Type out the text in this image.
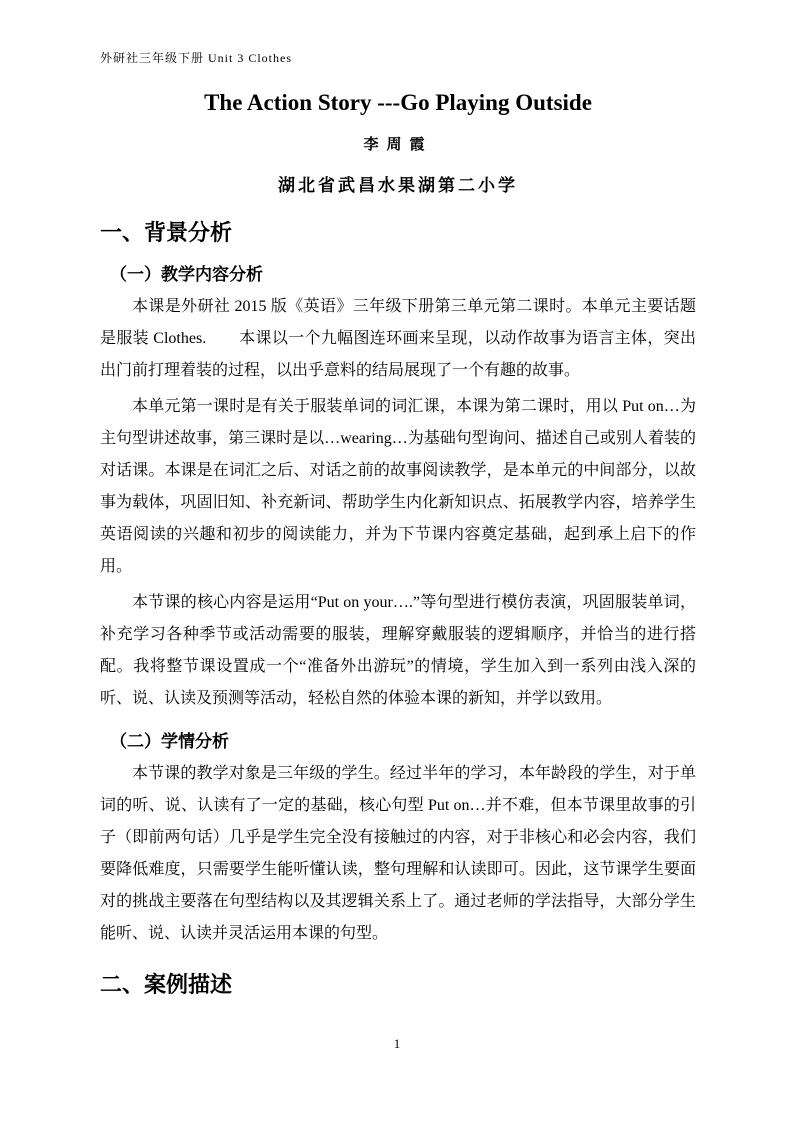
外研社三年级下册 Unit 3 Clothes
The Action Story ---Go Playing Outside
李周霞
湖北省武昌水果湖第二小学
一、背景分析
（一）教学内容分析
本课是外研社 2015 版《英语》三年级下册第三单元第二课时。本单元主要话题是服装 Clothes.　　本课以一个九幅图连环画来呈现，以动作故事为语言主体，突出出门前打理着装的过程，以出乎意料的结局展现了一个有趣的故事。
本单元第一课时是有关于服装单词的词汇课，本课为第二课时，用以 Put on…为主句型讲述故事，第三课时是以…wearing…为基础句型询问、描述自己或别人着装的对话课。本课是在词汇之后、对话之前的故事阅读教学，是本单元的中间部分，以故事为载体，巩固旧知、补充新词、帮助学生内化新知识点、拓展教学内容，培养学生英语阅读的兴趣和初步的阅读能力，并为下节课内容奠定基础，起到承上启下的作用。
本节课的核心内容是运用“Put on your….”等句型进行模仿表演，巩固服装单词，补充学习各种季节或活动需要的服装，理解穿戴服装的逻辑顺序，并恰当的进行搭配。我将整节课设置成一个“准备外出游玩”的情境，学生加入到一系列由浅入深的听、说、认读及预测等活动，轻松自然的体验本课的新知，并学以致用。
（二）学情分析
本节课的教学对象是三年级的学生。经过半年的学习，本年龄段的学生，对于单词的听、说、认读有了一定的基础，核心句型 Put on…并不难，但本节课里故事的引子（即前两句话）几乎是学生完全没有接触过的内容，对于非核心和必会内容，我们要降低难度，只需要学生能听懂认读，整句理解和认读即可。因此，这节课学生要面对的挑战主要落在句型结构以及其逻辑关系上了。通过老师的学法指导，大部分学生能听、说、认读并灵活运用本课的句型。
二、案例描述
1
